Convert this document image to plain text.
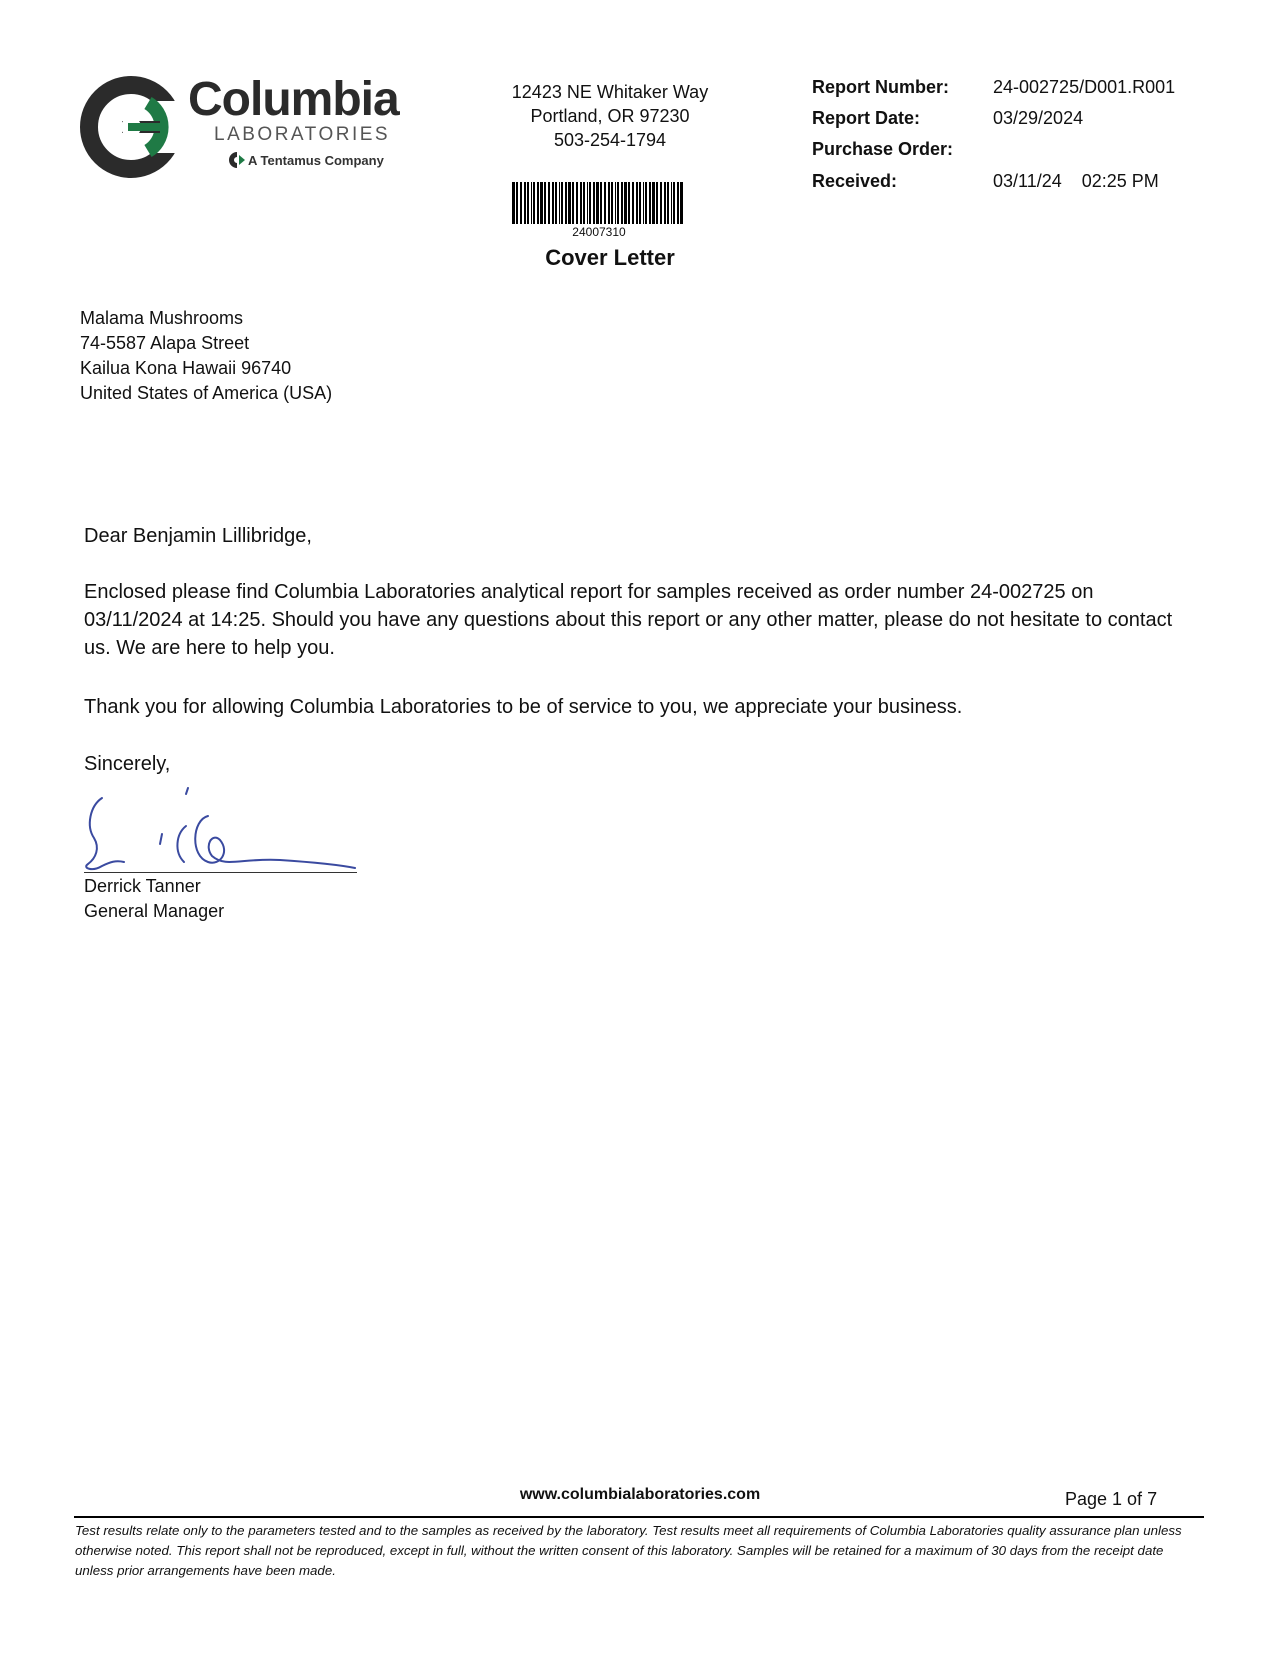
Columbia
LABORATORIES
A Tentamus Company
12423 NE Whitaker Way
Portland, OR 97230
503-254-1794
24007310
Cover Letter
Report Number: 24-002725/D001.R001
Report Date:	03/29/2024
Purchase Order:
Received:	03/11/24    02:25 PM
Malama Mushrooms
74-5587 Alapa Street
Kailua Kona Hawaii 96740
United States of America (USA)
Dear Benjamin Lillibridge,
Enclosed please find Columbia Laboratories analytical report for samples received as order number 24-002725 on 03/11/2024 at 14:25. Should you have any questions about this report or any other matter, please do not hesitate to contact us. We are here to help you.
Thank you for allowing Columbia Laboratories to be of service to you, we appreciate your business.
Sincerely,
Derrick Tanner
General Manager
www.columbialaboratories.com	Page 1 of 7
Test results relate only to the parameters tested and to the samples as received by the laboratory. Test results meet all requirements of Columbia Laboratories quality assurance plan unless otherwise noted. This report shall not be reproduced, except in full, without the written consent of this laboratory. Samples will be retained for a maximum of 30 days from the receipt date unless prior arrangements have been made.
